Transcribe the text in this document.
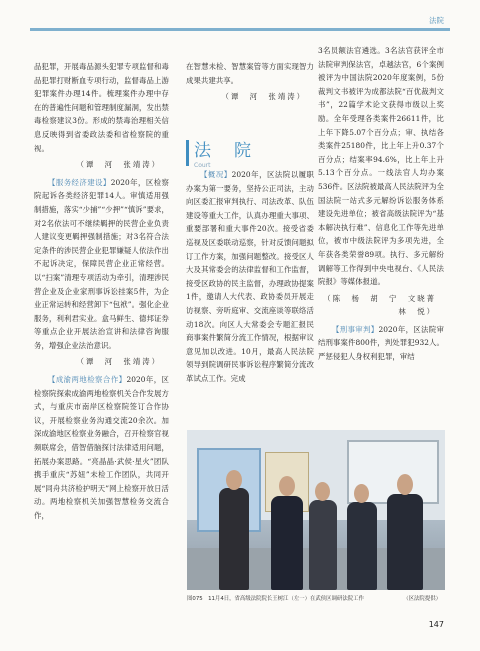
法院

品犯罪，开展毒品源头犯罪专项监督和毒品犯罪打财断血专项行动，监督毒品上游犯罪案件办理14件。梳理案件办理中存在的普遍性问题和管理制度漏洞，发出禁毒检察建议3份。形成的禁毒治理相关信息反映得到省委政法委和省检察院的重视。

（谭　河　张靖涛）

【服务经济建设】2020年，区检察院起诉各类经济犯罪14人。审慎适用强制措施，落实“少捕”“少押”“慎诉”要求，对2名依法可不继续羁押的民营企业负责人建议变更羁押强制措施；对3名符合法定条件的涉民营企业犯罪嫌疑人依法作出不起诉决定，保障民营企业正常经营。以“扫案”清理专项活动为牵引，清理涉民营企业及企业家刑事诉讼挂案5件，为企业正常运转和经营卸下“包袱”。强化企业服务，利利君实业。盒马鲜生、德邦证券等重点企业开展法治宣讲和法律咨询服务，增强企业法治意识。

（谭　河　张靖涛）

【成渝两地检察合作】2020年，区检察院探索成渝两地检察机关合作发展方式，与重庆市南岸区检察院签订合作协议，开展检察业务沟通交流20余次。加深成渝地区检察业务融合，召开检察官视频联席会，借智借脑探讨法律适用问题，拓展办案思路。“亮晶晶·武侯·星火”团队携手重庆“苏妞”未检工作团队，共同开展“同舟共济检护明天”网上检察开放日活动。两地检察机关加强智慧检务交流合作，

在智慧未检、智慧案管等方面实现智力成果共建共享。

（谭　河　张靖涛）

法　院
Court

【概况】2020年，区法院以履职办案为第一要务，坚持公正司法，主动向区委汇报审判执行、司法改革、队伍建设等重大工作，认真办理重大事项、重要部署和重大事件20次。接受省委巡视及区委联动巡察，针对反馈问题拟订工作方案，加强问题整改。接受区人大及其常委会的法律监督和工作监督，接受区政协的民主监督，办理政协提案1件，邀请人大代表、政协委员开展走访视察、旁听庭审、交流座谈等联络活动18次。向区人大常委会专题汇报民商事案件繁简分流工作情况，根据审议意见加以改进。10月，最高人民法院领导到院调研民事诉讼程序繁简分流改革试点工作。完成

3名员额法官遴选。3名法官获评全市法院审判保法官，卓越法官，6个案例被评为中国法院2020年度案例，5份裁判文书被评为成都法院“百优裁判文书”，22篇学术论文获得市级以上奖励。全年受理各类案件26611件，比上年下降5.07个百分点；审、执结各类案件25180件，比上年上升0.37个百分点；结案率94.6%，比上年上升5.13个百分点。一线法官人均办案536件。区法院被最高人民法院评为全国法院一站式多元解纷诉讼服务体系建设先进单位；被省高级法院评为“基本解决执行难”、信息化工作等先进单位，被市中级法院评为多项先进，全年获各类荣誉89项。执行、多元解纷调解等工作得到中央电视台、《人民法院报》等媒体报道。

（陈　杨　胡　宁　文晓菁　林　悦）

【刑事审判】2020年，区法院审结刑事案件800件，判处罪犯932人。严惩侵犯人身权利犯罪，审结

图075　11月4日，省高级法院院长王树江（左一）在武侯区调研法院工作	（区法院提供）
147
